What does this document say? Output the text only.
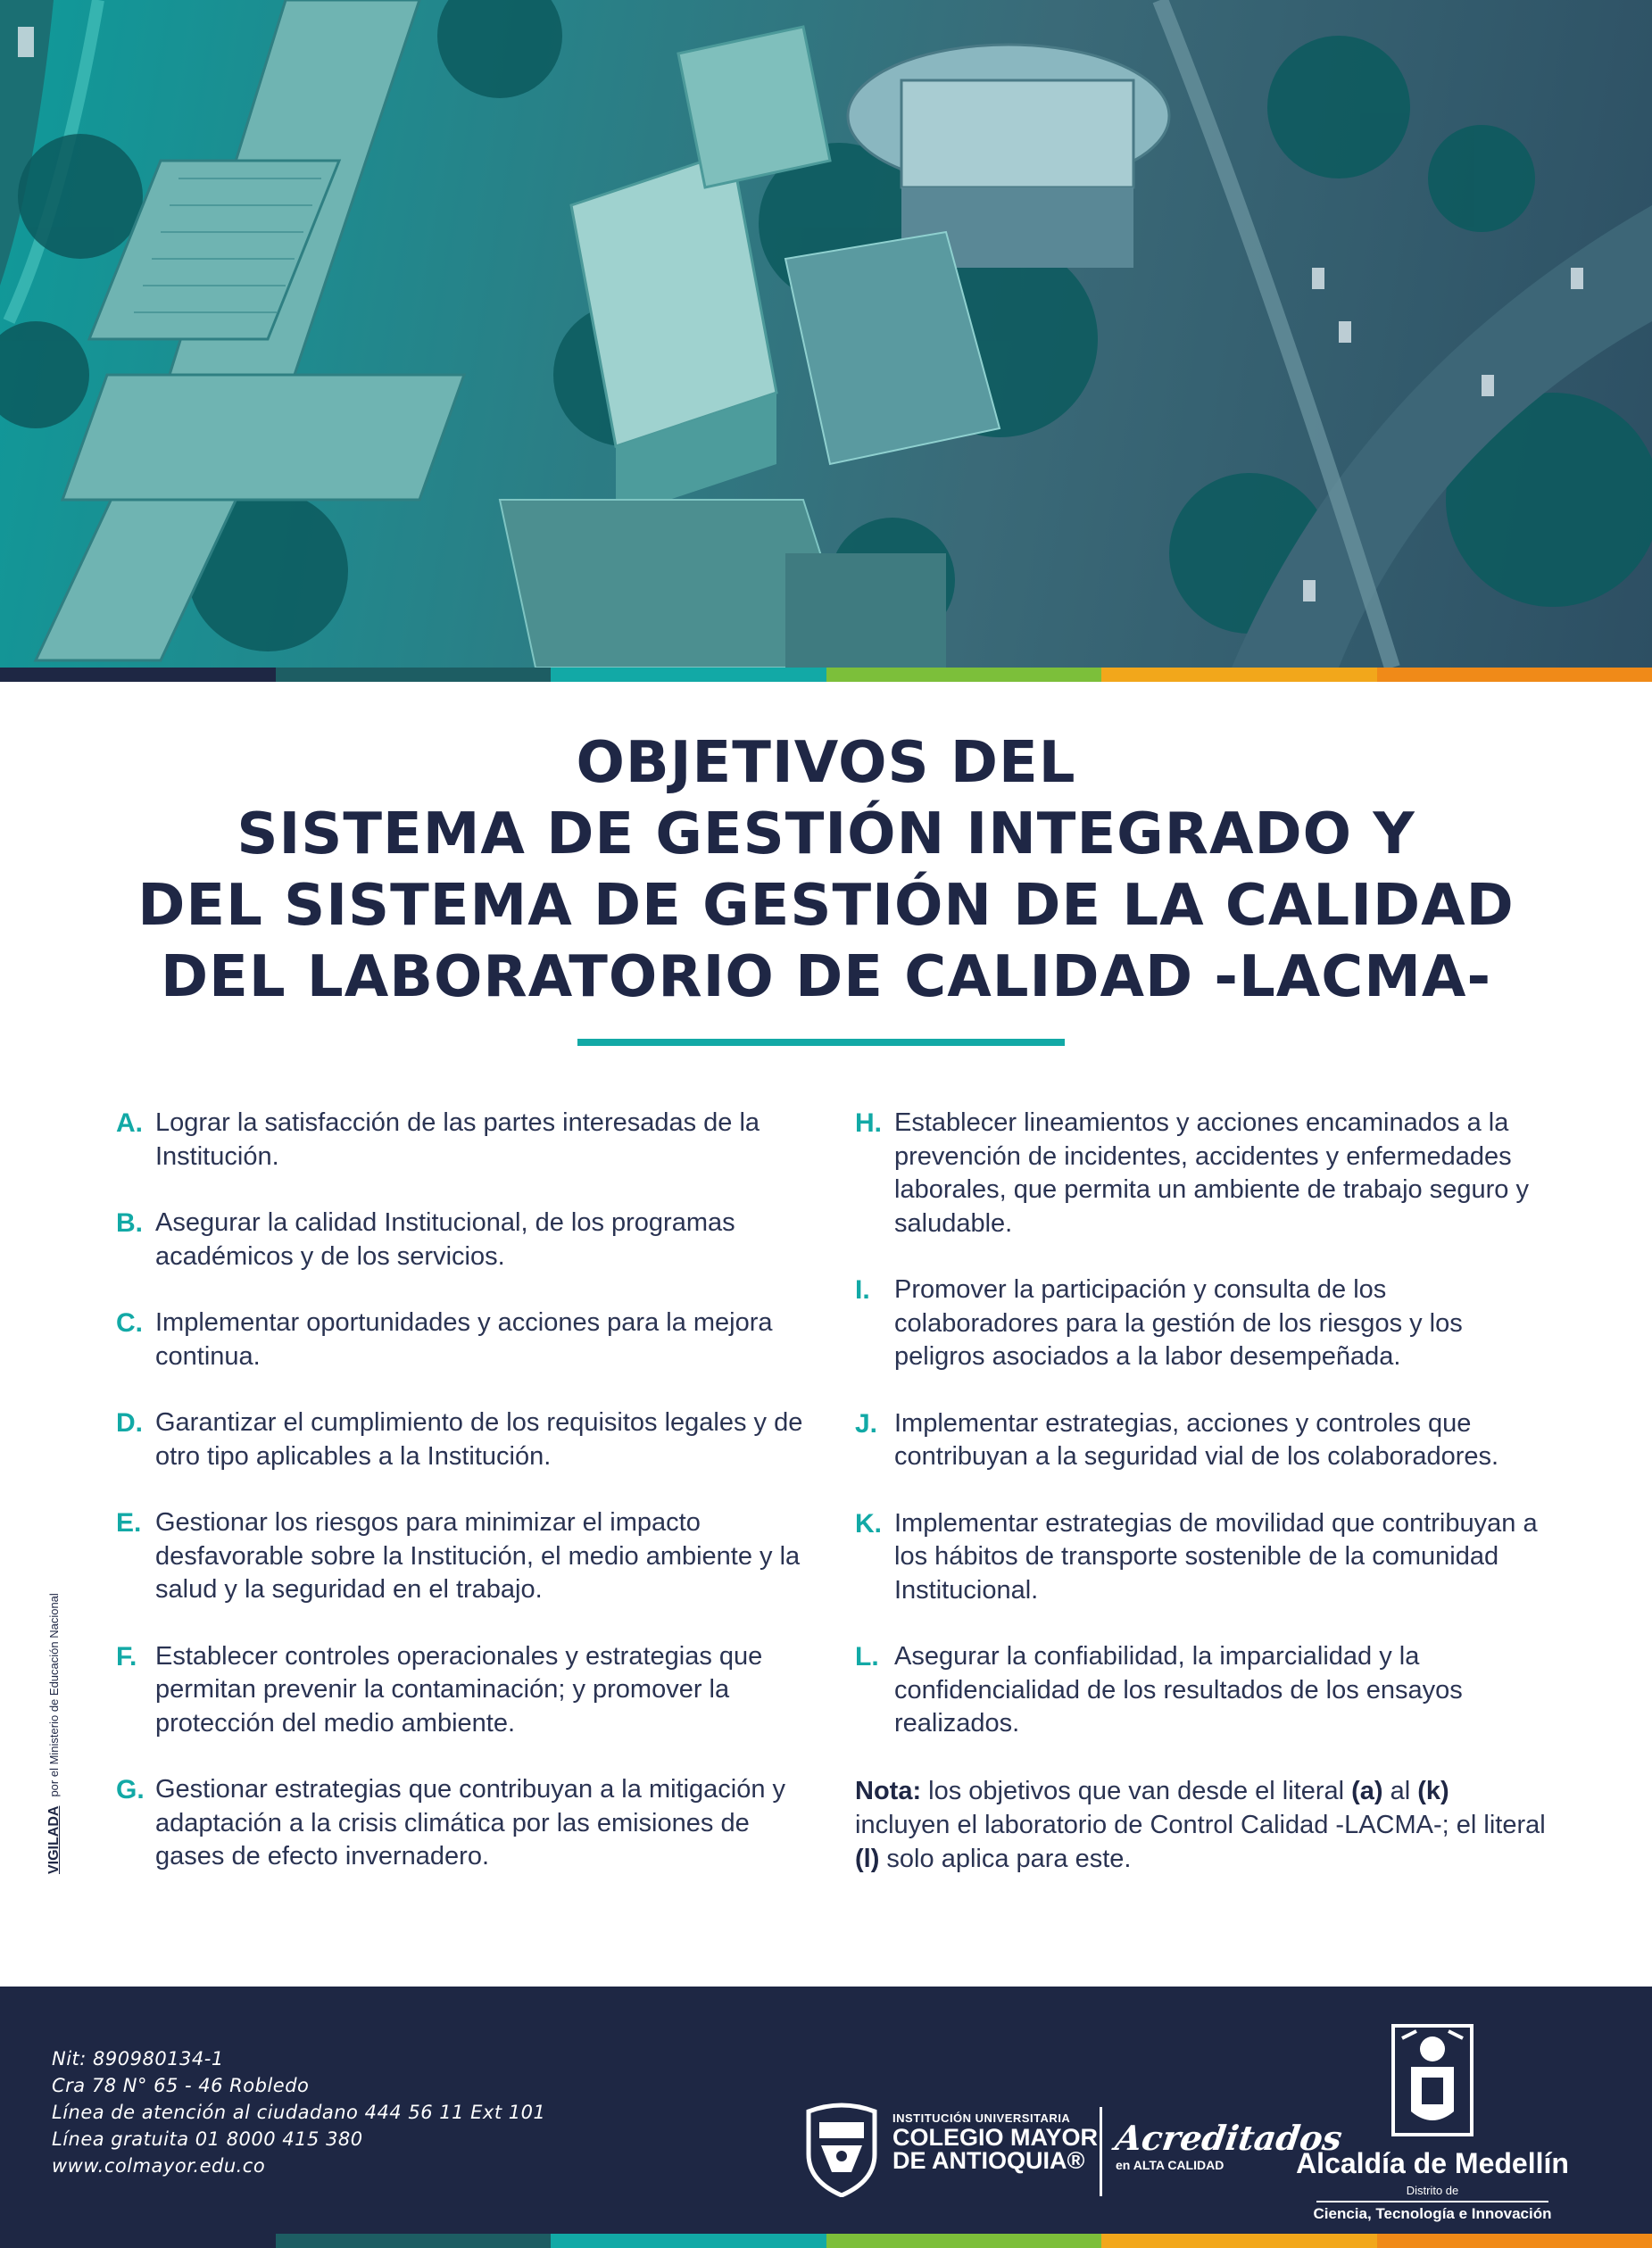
OBJETIVOS DEL
SISTEMA DE GESTIÓN INTEGRADO Y
DEL SISTEMA DE GESTIÓN DE LA CALIDAD
DEL LABORATORIO DE CALIDAD -LACMA-
A. Lograr la satisfacción de las partes interesadas de la Institución.
B. Asegurar la calidad Institucional, de los programas académicos y de los servicios.
C. Implementar oportunidades y acciones para la mejora continua.
D. Garantizar el cumplimiento de los requisitos legales y de otro tipo aplicables a la Institución.
E. Gestionar los riesgos para minimizar el impacto desfavorable sobre la Institución, el medio ambiente y la salud y la seguridad en el trabajo.
F. Establecer controles operacionales y estrategias que permitan prevenir la contaminación; y promover la protección del medio ambiente.
G. Gestionar estrategias que contribuyan a la mitigación y adaptación a la crisis climática por las emisiones de gases de efecto invernadero.
H. Establecer lineamientos y acciones encaminados a la prevención de incidentes, accidentes y enfermedades laborales, que permita un ambiente de trabajo seguro y saludable.
I. Promover la participación y consulta de los colaboradores para la gestión de los riesgos y los peligros asociados a la labor desempeñada.
J. Implementar estrategias, acciones y controles que contribuyan a la seguridad vial de los colaboradores.
K. Implementar estrategias de movilidad que contribuyan a los hábitos de transporte sostenible de la comunidad Institucional.
L. Asegurar la confiabilidad, la imparcialidad y la confidencialidad de los resultados de los ensayos realizados.
Nota: los objetivos que van desde el literal (a) al (k) incluyen el laboratorio de Control Calidad -LACMA-; el literal (l) solo aplica para este.
VIGILADApor el Ministerio de Educación Nacional
Nit: 890980134-1
Cra 78 N° 65 - 46 Robledo
Línea de atención al ciudadano 444 56 11 Ext 101
Línea gratuita 01 8000 415 380
www.colmayor.edu.co
INSTITUCIÓN UNIVERSITARIA
COLEGIO MAYOR
DE ANTIOQUIA®
Acreditados
en ALTA CALIDAD	Alcaldía de Medellín
Distrito de
Ciencia, Tecnología e Innovación
